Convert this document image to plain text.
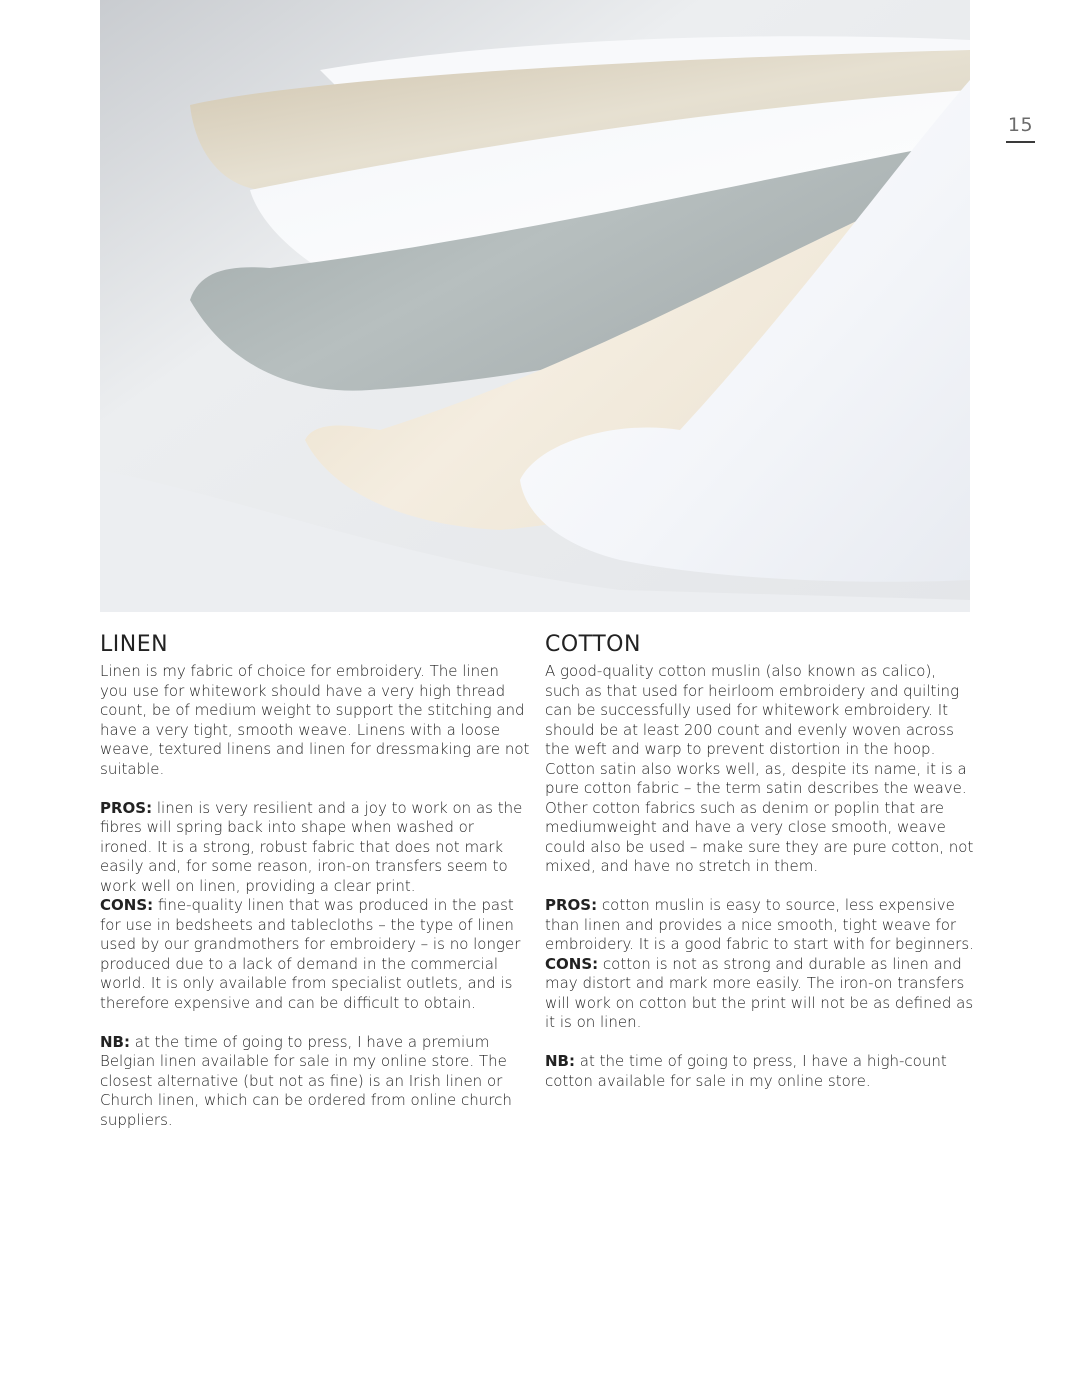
15
LINEN

Linen is my fabric of choice for embroidery. The linen you use for whitework should have a very high thread count, be of medium weight to support the stitching and have a very tight, smooth weave. Linens with a loose weave, textured linens and linen for dressmaking are not suitable.

PROS: linen is very resilient and a joy to work on as the fibres will spring back into shape when washed or ironed. It is a strong, robust fabric that does not mark easily and, for some reason, iron-on transfers seem to work well on linen, providing a clear print.

CONS: fine-quality linen that was produced in the past for use in bedsheets and tablecloths – the type of linen used by our grandmothers for embroidery – is no longer produced due to a lack of demand in the commercial world. It is only available from specialist outlets, and is therefore expensive and can be difficult to obtain.

NB: at the time of going to press, I have a premium Belgian linen available for sale in my online store. The closest alternative (but not as fine) is an Irish linen or Church linen, which can be ordered from online church suppliers.

COTTON

A good-quality cotton muslin (also known as calico), such as that used for heirloom embroidery and quilting can be successfully used for whitework embroidery. It should be at least 200 count and evenly woven across the weft and warp to prevent distortion in the hoop. Cotton satin also works well, as, despite its name, it is a pure cotton fabric – the term satin describes the weave. Other cotton fabrics such as denim or poplin that are mediumweight and have a very close smooth, weave could also be used – make sure they are pure cotton, not mixed, and have no stretch in them.

PROS: cotton muslin is easy to source, less expensive than linen and provides a nice smooth, tight weave for embroidery. It is a good fabric to start with for beginners.

CONS: cotton is not as strong and durable as linen and may distort and mark more easily. The iron-on transfers will work on cotton but the print will not be as defined as it is on linen.

NB: at the time of going to press, I have a high-count cotton available for sale in my online store.
